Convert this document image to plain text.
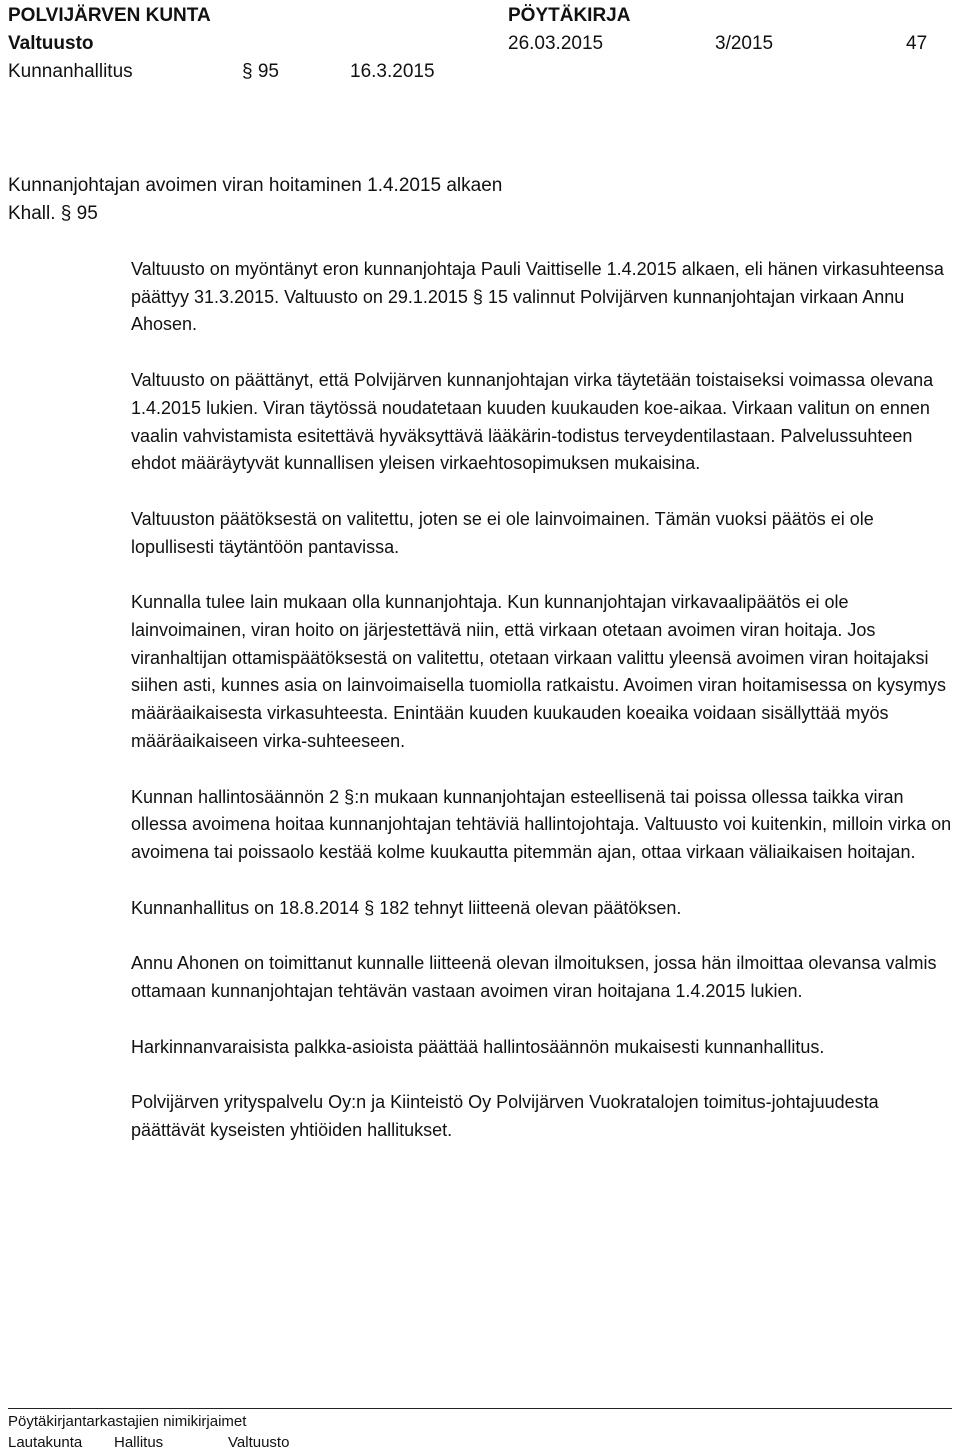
POLVIJÄRVEN KUNTA	PÖYTÄKIRJA
Valtuusto	26.03.2015	3/2015	47
Kunnanhallitus	§ 95	16.3.2015
Kunnanjohtajan avoimen viran hoitaminen 1.4.2015 alkaen
Khall. § 95

Valtuusto on myöntänyt eron kunnanjohtaja Pauli Vaittiselle 1.4.2015 alkaen, eli hänen virkasuhteensa päättyy 31.3.2015. Valtuusto on 29.1.2015 § 15 valinnut Polvijärven kunnanjohtajan virkaan Annu Ahosen.

Valtuusto on päättänyt, että Polvijärven kunnanjohtajan virka täytetään toistaiseksi voimassa olevana 1.4.2015 lukien. Viran täytössä noudatetaan kuuden kuukauden koe-aikaa. Virkaan valitun on ennen vaalin vahvistamista esitettävä hyväksyttävä lääkärin-todistus terveydentilastaan. Palvelussuhteen ehdot määräytyvät kunnallisen yleisen virkaehtosopimuksen mukaisina.

Valtuuston päätöksestä on valitettu, joten se ei ole lainvoimainen. Tämän vuoksi päätös ei ole lopullisesti täytäntöön pantavissa.

Kunnalla tulee lain mukaan olla kunnanjohtaja. Kun kunnanjohtajan virkavaalipäätös ei ole lainvoimainen, viran hoito on järjestettävä niin, että virkaan otetaan avoimen viran hoitaja. Jos viranhaltijan ottamispäätöksestä on valitettu, otetaan virkaan valittu yleensä avoimen viran hoitajaksi siihen asti, kunnes asia on lainvoimaisella tuomiolla ratkaistu. Avoimen viran hoitamisessa on kysymys määräaikaisesta virkasuhteesta. Enintään kuuden kuukauden koeaika voidaan sisällyttää myös määräaikaiseen virka-suhteeseen.

Kunnan hallintosäännön 2 §:n mukaan kunnanjohtajan esteellisenä tai poissa ollessa taikka viran ollessa avoimena hoitaa kunnanjohtajan tehtäviä hallintojohtaja. Valtuusto voi kuitenkin, milloin virka on avoimena tai poissaolo kestää kolme kuukautta pitemmän ajan, ottaa virkaan väliaikaisen hoitajan.

Kunnanhallitus on 18.8.2014 § 182 tehnyt liitteenä olevan päätöksen.

Annu Ahonen on toimittanut kunnalle liitteenä olevan ilmoituksen, jossa hän ilmoittaa olevansa valmis ottamaan kunnanjohtajan tehtävän vastaan avoimen viran hoitajana 1.4.2015 lukien.

Harkinnanvaraisista palkka-asioista päättää hallintosäännön mukaisesti kunnanhallitus.

Polvijärven yrityspalvelu Oy:n ja Kiinteistö Oy Polvijärven Vuokratalojen toimitus-johtajuudesta päättävät kyseisten yhtiöiden hallitukset.

Pöytäkirjantarkastajien nimikirjaimet
Lautakunta Hallitus	Valtuusto
